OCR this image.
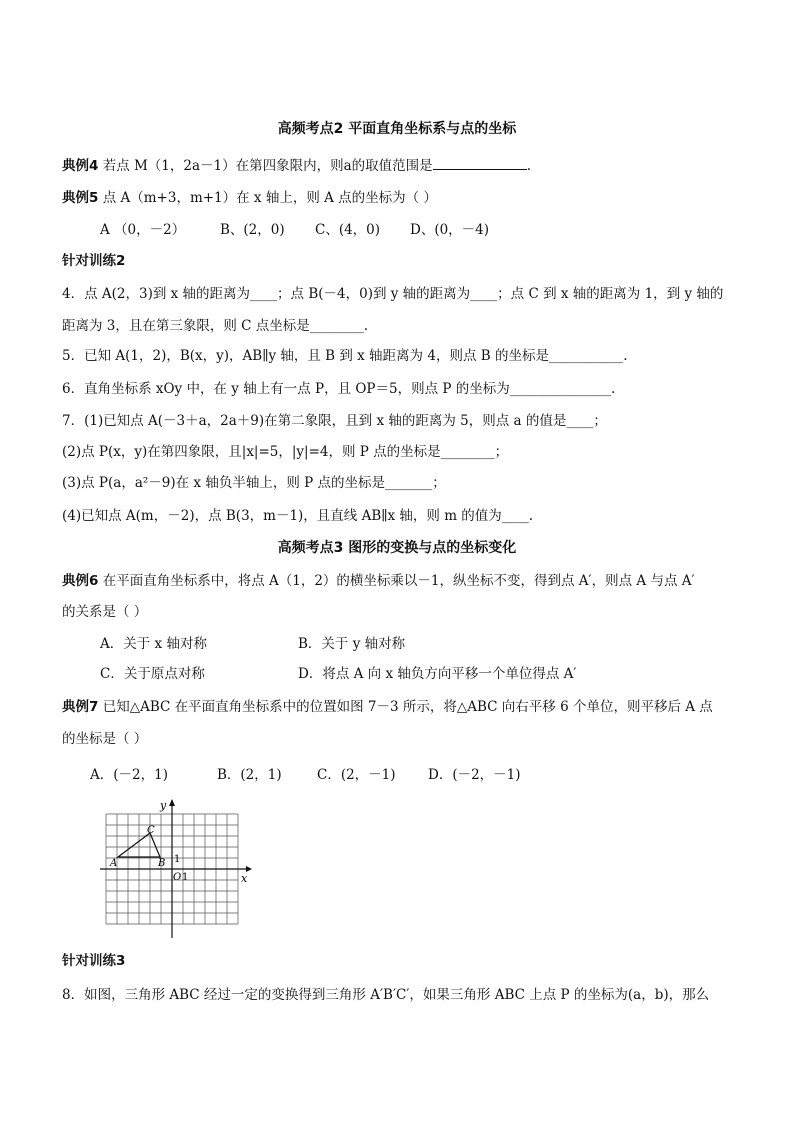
高频考点2 平面直角坐标系与点的坐标
典例4 若点 M（1，2a－1）在第四象限内，则a的取值范围是	.
典例5 点 A（m+3，m+1）在 x 轴上，则 A 点的坐标为（ ）
A （0，－2）	B、(2，0) C、(4，0) D、(0，－4)
针对训练2
4．点 A(2，3)到 x 轴的距离为____；点 B(－4，0)到 y 轴的距离为____；点 C 到 x 轴的距离为 1，到 y 轴的
距离为 3，且在第三象限，则 C 点坐标是________.
5．已知 A(1，2)，B(x，y)，AB∥y 轴，且 B 到 x 轴距离为 4，则点 B 的坐标是___________.
6．直角坐标系 xOy 中，在 y 轴上有一点 P，且 OP＝5，则点 P 的坐标为_______________.
7．(1)已知点 A(－3＋a，2a＋9)在第二象限，且到 x 轴的距离为 5，则点 a 的值是____；
(2)点 P(x，y)在第四象限，且|x|=5，|y|=4，则 P 点的坐标是________；
(3)点 P(a，a²－9)在 x 轴负半轴上，则 P 点的坐标是_______；
(4)已知点 A(m，－2)，点 B(3，m－1)，且直线 AB∥x 轴，则 m 的值为____.
高频考点3 图形的变换与点的坐标变化
典例6 在平面直角坐标系中，将点 A（1，2）的横坐标乘以－1，纵坐标不变，得到点 A′，则点 A 与点 A′
的关系是（ ）
A．关于 x 轴对称	B．关于 y 轴对称
C．关于原点对称	D．将点 A 向 x 轴负方向平移一个单位得点 A′
典例7 已知△ABC 在平面直角坐标系中的位置如图 7－3 所示，将△ABC 向右平移 6 个单位，则平移后 A 点
的坐标是（ ）
A．(－2，1)	B．(2，1)	C．(2，－1) D．(－2，－1)
x
y
O 1
1
A	B
C
针对训练3
8．如图，三角形 ABC 经过一定的变换得到三角形 A′B′C′，如果三角形 ABC 上点 P 的坐标为(a，b)，那么
